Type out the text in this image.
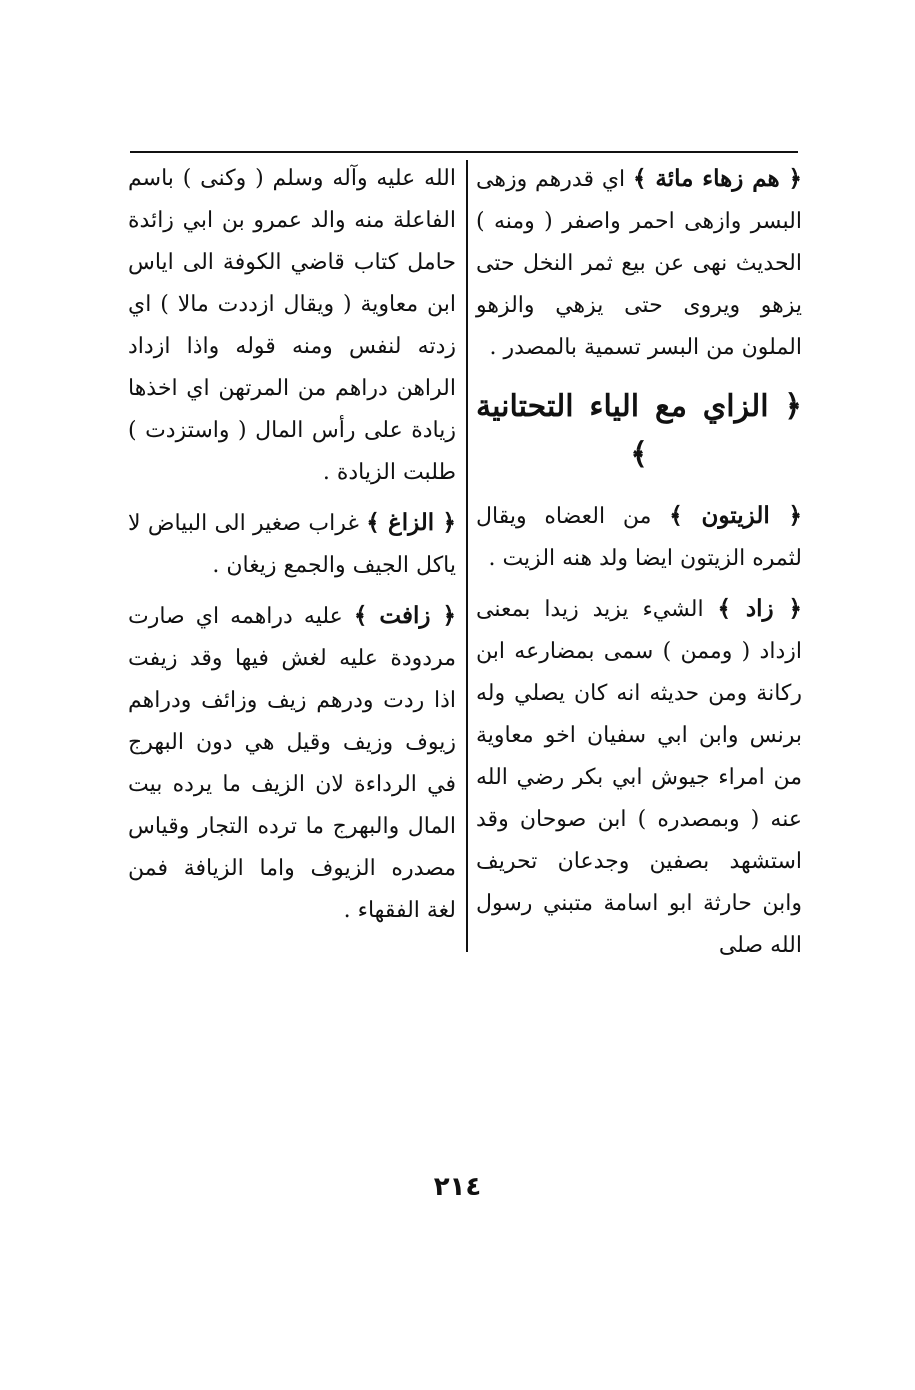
﴿ هم زهاء مائة ﴾ اي قدرهم وزهى البسر وازهى احمر واصفر ( ومنه ) الحديث نهى عن بيع ثمر النخل حتى يزهو ويروى حتى يزهي والزهو الملون من البسر تسمية بالمصدر .

﴿ الزاي مع الياء التحتانية ﴾

﴿ الزيتون ﴾ من العضاه ويقال لثمره الزيتون ايضا ولد هنه الزيت .

﴿ زاد ﴾ الشيء يزيد زيدا بمعنى ازداد ( وممن ) سمى بمضارعه ابن ركانة ومن حديثه انه كان يصلي وله برنس وابن ابي سفيان اخو معاوية من امراء جيوش ابي بكر رضي الله عنه ( وبمصدره ) ابن صوحان وقد استشهد بصفين وجدعان تحريف وابن حارثة ابو اسامة متبني رسول الله صلى

الله عليه وآله وسلم ( وكنى ) باسم الفاعلة منه والد عمرو بن ابي زائدة حامل كتاب قاضي الكوفة الى اياس ابن معاوية ( ويقال ازددت مالا ) اي زدته لنفس ومنه قوله واذا ازداد الراهن دراهم من المرتهن اي اخذها زيادة على رأس المال ( واستزدت ) طلبت الزيادة .

﴿ الزاغ ﴾ غراب صغير الى البياض لا ياكل الجيف والجمع زيغان .

﴿ زافت ﴾ عليه دراهمه اي صارت مردودة عليه لغش فيها وقد زيفت اذا ردت ودرهم زيف وزائف ودراهم زيوف وزيف وقيل هي دون البهرج في الرداءة لان الزيف ما يرده بيت المال والبهرج ما ترده التجار وقياس مصدره الزيوف واما الزيافة فمن لغة الفقهاء .

٢١٤
